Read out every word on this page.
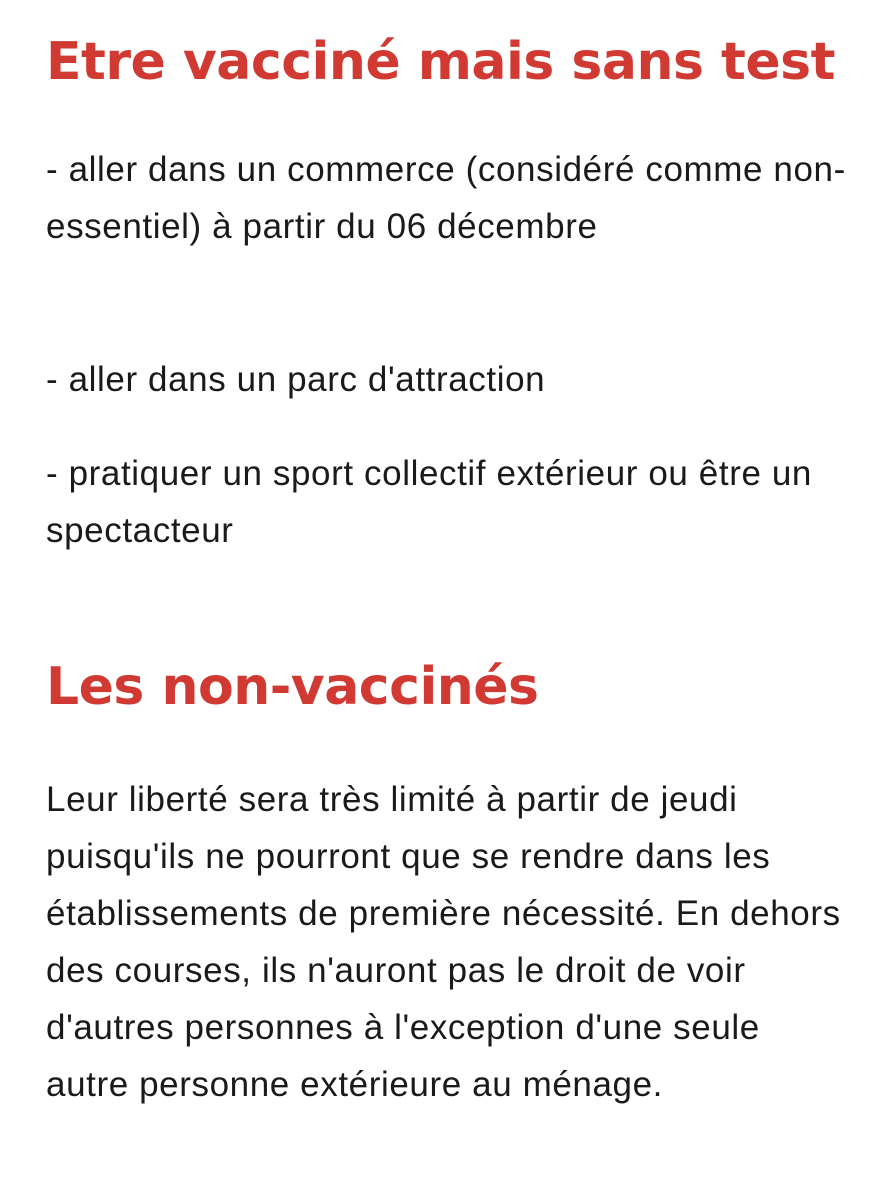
Etre vacciné mais sans test

- aller dans un commerce (considéré comme non-essentiel) à partir du 06 décembre

- aller dans un parc d'attraction

- pratiquer un sport collectif extérieur ou être un spectacteur

Les non-vaccinés

Leur liberté sera très limité à partir de jeudi puisqu'ils ne pourront que se rendre dans les établissements de première nécessité. En dehors des courses, ils n'auront pas le droit de voir d'autres personnes à l'exception d'une seule autre personne extérieure au ménage.
